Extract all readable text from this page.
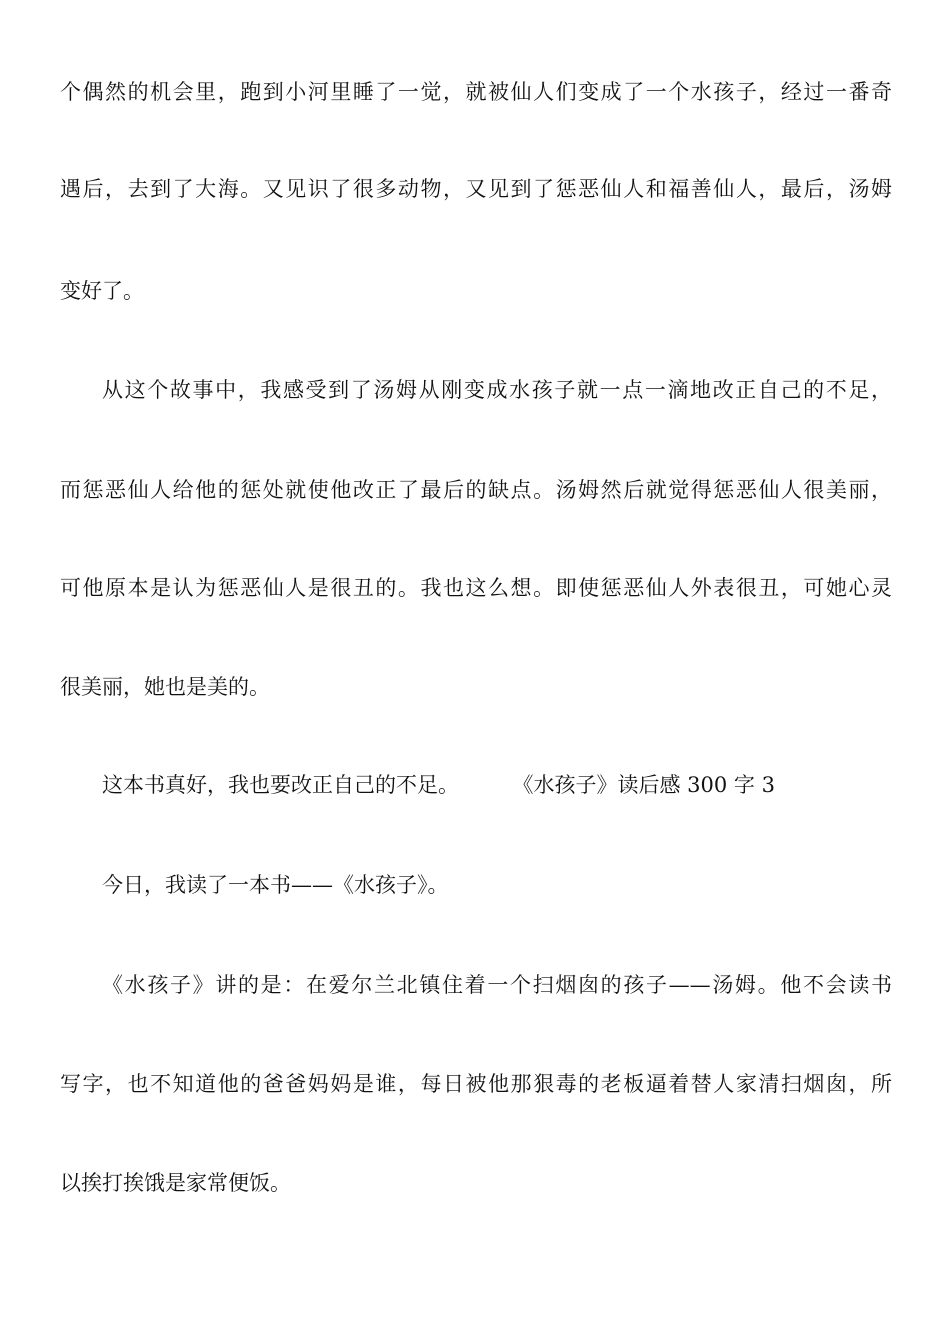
个偶然的机会里，跑到小河里睡了一觉，就被仙人们变成了一个水孩子，经过一番奇
遇后，去到了大海。又见识了很多动物，又见到了惩恶仙人和福善仙人，最后，汤姆
变好了。
从这个故事中，我感受到了汤姆从刚变成水孩子就一点一滴地改正自己的不足，
而惩恶仙人给他的惩处就使他改正了最后的缺点。汤姆然后就觉得惩恶仙人很美丽，
可他原本是认为惩恶仙人是很丑的。我也这么想。即使惩恶仙人外表很丑，可她心灵
很美丽，她也是美的。
这本书真好，我也要改正自己的不足。	《水孩子》读后感 300 字 3
今日，我读了一本书——《水孩子》。
《水孩子》讲的是：在爱尔兰北镇住着一个扫烟囱的孩子——汤姆。他不会读书
写字，也不知道他的爸爸妈妈是谁，每日被他那狠毒的老板逼着替人家清扫烟囱，所
以挨打挨饿是家常便饭。
